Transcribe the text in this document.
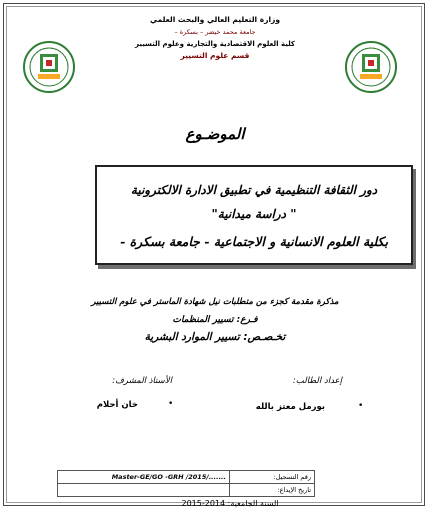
وزارة التعليم العالي والبحث العلمي
جامعة محمد خيضر – بسكرة –
كلية العلوم الاقتصادية والتجارية وعلوم التسيير
قسم علوم التسيير
الموضـوع
دور الثقافة التنظيمية في تطبيق الادارة الالكترونية
" دراسة ميدانية"
بكلية العلوم الانسانية و الاجتماعية - جامعة بسكرة -
مذكرة مقدمة كجزء من متطلبات نيل شهادة الماستر في علوم التسيير
فـرع: تسيير المنظمات
تخـصـص: تسيير الموارد البشرية
إعداد الطالب:
الأستاذ المشرف:
•
بورمل معتز بالله
•
خان أحلام
Master-GE/GO -GRH /2015/.......	رقم التسجيل:
	تاريخ الإيداع:
السنة الجامعية: 2014-2015
